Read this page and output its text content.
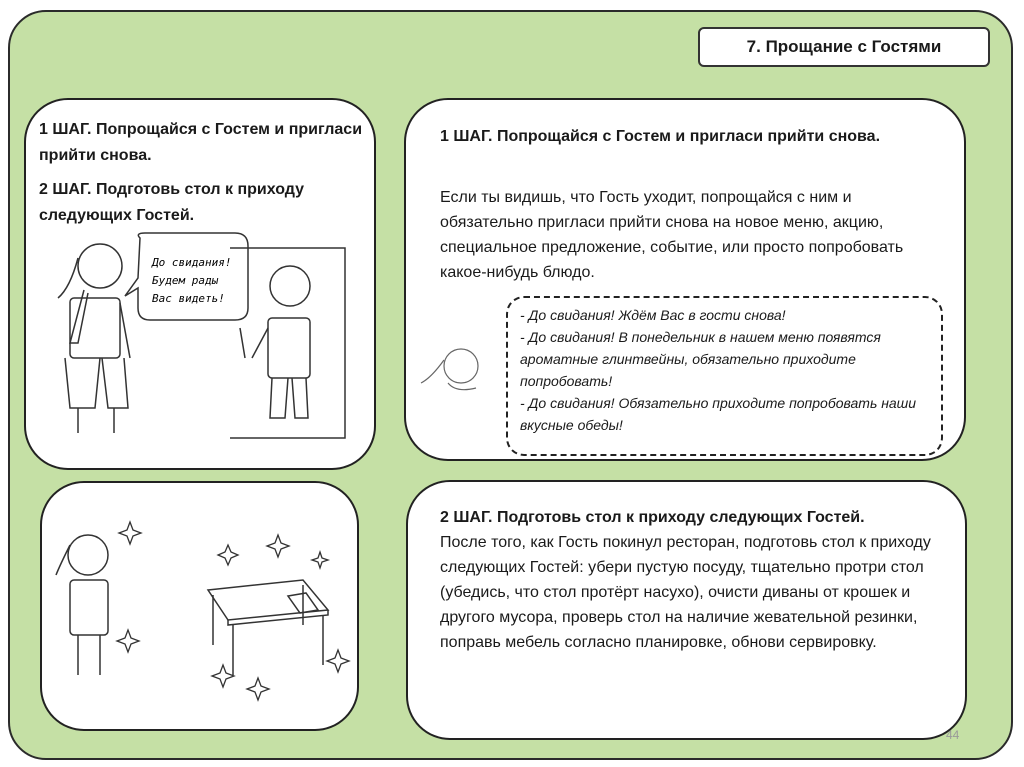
7. Прощание с Гостями
1 ШАГ. Попрощайся с Гостем и пригласи прийти снова.
2 ШАГ. Подготовь стол к приходу следующих Гостей.
До свидания!
Будем рады
Вас видеть!
1 ШАГ. Попрощайся с Гостем и пригласи прийти снова.
Если ты видишь, что Гость уходит, попрощайся с ним и обязательно пригласи прийти снова на новое меню, акцию, специальное предложение, событие, или просто попробовать какое-нибудь блюдо.
- До свидания! Ждём Вас в гости снова!
- До свидания! В понедельник в нашем меню появятся ароматные глинтвейны, обязательно приходите попробовать!
- До свидания! Обязательно приходите попробовать наши вкусные обеды!
2 ШАГ. Подготовь стол к приходу следующих Гостей.
После того, как Гость покинул ресторан, подготовь стол к приходу следующих Гостей: убери пустую посуду, тщательно протри стол (убедись, что стол протёрт насухо), очисти диваны от крошек и другого мусора, проверь стол на наличие жевательной резинки, поправь мебель согласно планировке, обнови сервировку.
44
